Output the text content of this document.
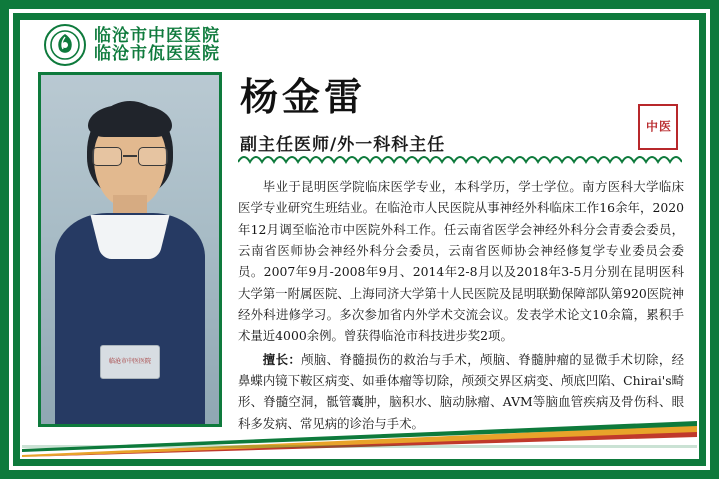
临沧市中医医院
临沧市佤医医院
临沧市中医医院
杨金雷
副主任医师/外一科科主任
中 医

毕业于昆明医学院临床医学专业，本科学历，学士学位。南方医科大学临床医学专业研究生班结业。在临沧市人民医院从事神经外科临床工作16余年，2020年12月调至临沧市中医院外科工作。任云南省医学会神经外科分会青委会委员，云南省医师协会神经外科分会委员，云南省医师协会神经修复学专业委员会委员。2007年9月-2008年9月、2014年2-8月以及2018年3-5月分别在昆明医科大学第一附属医院、上海同济大学第十人民医院及昆明联勤保障部队第920医院神经外科进修学习。多次参加省内外学术交流会议。发表学术论文10余篇，累积手术量近4000余例。曾获得临沧市科技进步奖2项。

擅长：颅脑、脊髓损伤的救治与手术，颅脑、脊髓肿瘤的显微手术切除，经鼻蝶内镜下鞍区病变、如垂体瘤等切除，颅颈交界区病变、颅底凹陷、Chirai's畸形、脊髓空洞，骶管囊肿，脑积水、脑动脉瘤、AVM等脑血管疾病及骨伤科、眼科多发病、常见病的诊治与手术。
